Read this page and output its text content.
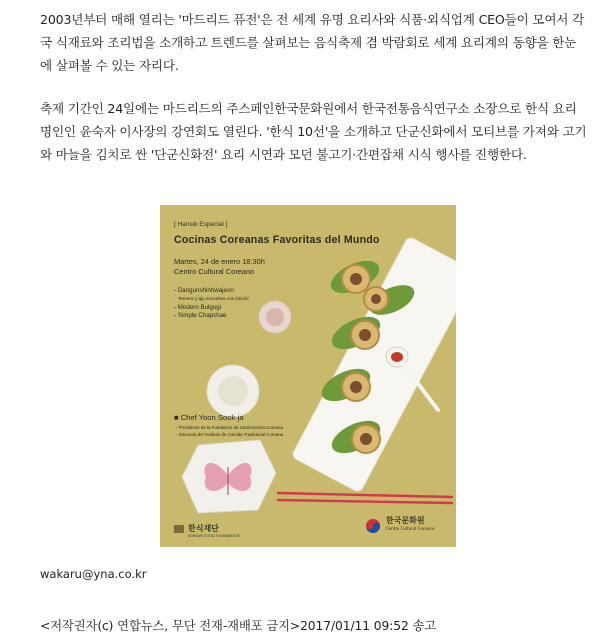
2003년부터 매해 열리는 '마드리드 퓨전'은 전 세계 유명 요리사와 식품·외식업계 CEO들이 모여서 각국 식재료와 조리법을 소개하고 트렌드를 살펴보는 음식축제 겸 박람회로 세계 요리계의 동향을 한눈에 살펴볼 수 있는 자리다.

축제 기간인 24일에는 마드리드의 주스페인한국문화원에서 한국전통음식연구소 소장으로 한식 요리 명인인 윤숙자 이사장의 강연회도 열린다. '한식 10선'을 소개하고 단군신화에서 모티브를 가져와 고기와 마늘을 김치로 싼 '단군신화전' 요리 시연과 모던 불고기·간편잡채 시식 행사를 진행한다.

[ Hansik Especial ]
Cocinas Coreanas Favoritas del Mundo
Martes, 24 de enero 18:30h
Centro Cultural Coreano
- Dangunshinhwajeon
Ternera y ajo envueltos con kimchi
- Modern Bulgogi
- Simple Chapchae
■ Chef Yoon Sook-ja
- Presidente de la Fundación de Gastronomía Coreana
- Directora del Instituto de Comida Tradicional Coreana
한식재단
KOREAN FOOD FOUNDATION
한국문화원
Centro Cultural Coreano
wakaru@yna.co.kr
<저작권자(c) 연합뉴스, 무단 전재-재배포 금지>2017/01/11 09:52 송고
